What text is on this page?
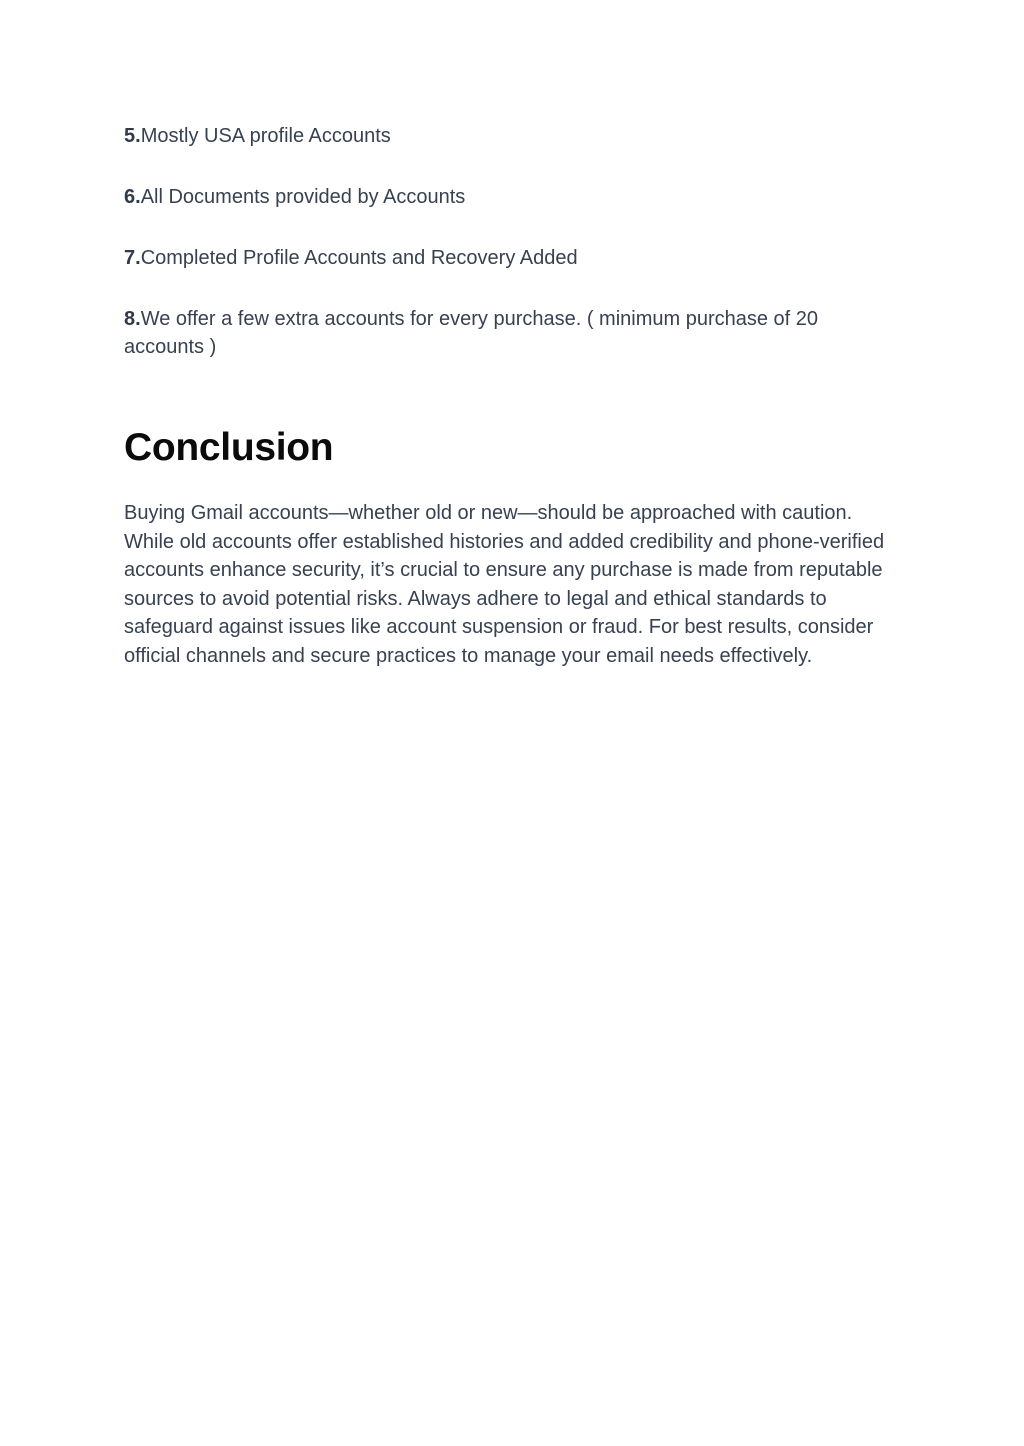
5.Mostly USA profile Accounts

6.All Documents provided by Accounts

7.Completed Profile Accounts and Recovery Added

8.We offer a few extra accounts for every purchase. ( minimum purchase of 20 accounts )

Conclusion

Buying Gmail accounts—whether old or new—should be approached with caution. While old accounts offer established histories and added credibility and phone-verified accounts enhance security, it’s crucial to ensure any purchase is made from reputable sources to avoid potential risks. Always adhere to legal and ethical standards to safeguard against issues like account suspension or fraud. For best results, consider official channels and secure practices to manage your email needs effectively.
